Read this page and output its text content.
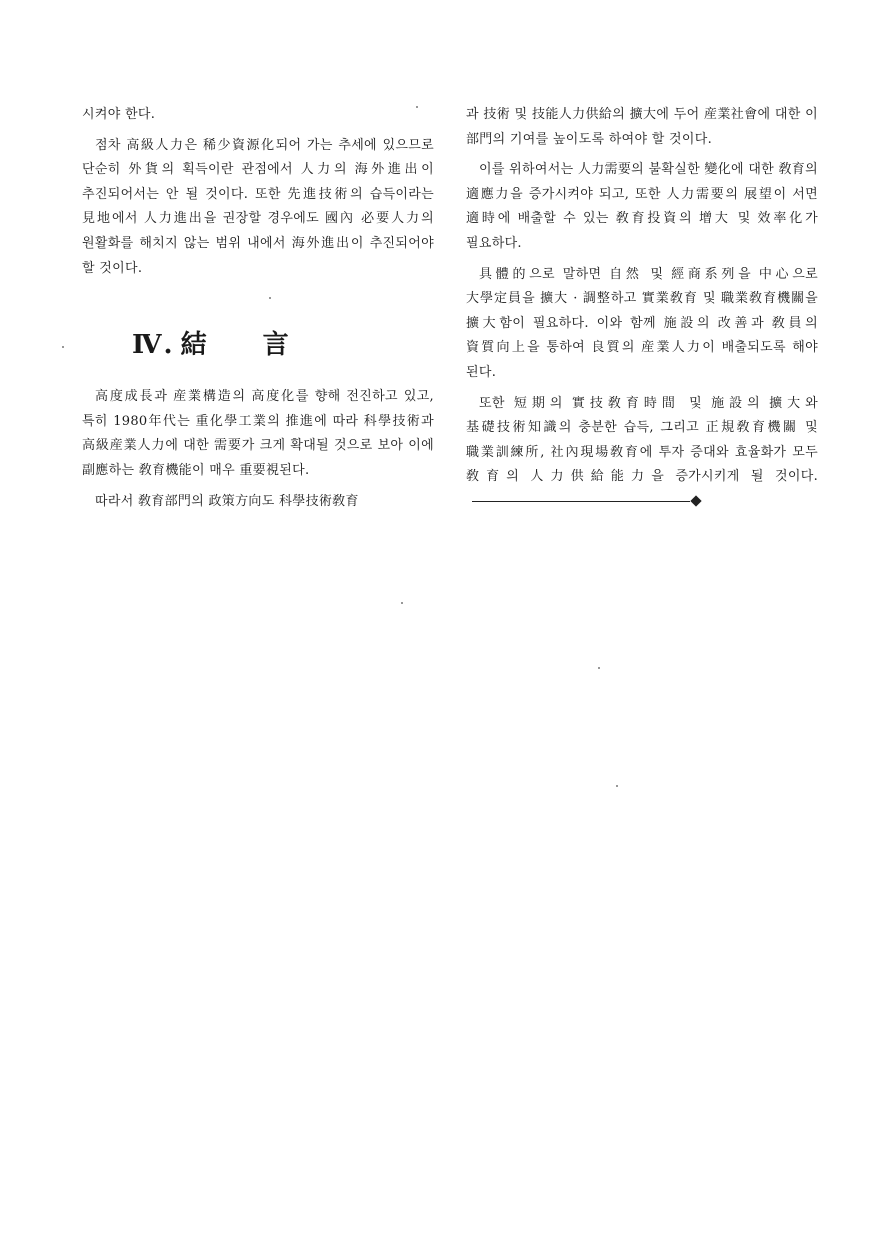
시켜야 한다.

점차 高級人力은 稀少資源化되어 가는 추세에 있으므로 단순히 外貨의 획득이란 관점에서 人力의 海外進出이 추진되어서는 안 될 것이다. 또한 先進技術의 습득이라는 見地에서 人力進出을 권장할 경우에도 國內 必要人力의 원활화를 해치지 않는 범위 내에서 海外進出이 추진되어야 할 것이다.

Ⅳ. 結 言

高度成長과 産業構造의 高度化를 향해 전진하고 있고, 특히 1980年代는 重化學工業의 推進에 따라 科學技術과 高級産業人力에 대한 需要가 크게 확대될 것으로 보아 이에 副應하는 敎育機能이 매우 重要視된다.

따라서 敎育部門의 政策方向도 科學技術敎育

과 技術 및 技能人力供給의 擴大에 두어 産業社會에 대한 이 部門의 기여를 높이도록 하여야 할 것이다.

이를 위하여서는 人力需要의 불확실한 變化에 대한 敎育의 適應力을 증가시켜야 되고, 또한 人力需要의 展望이 서면 適時에 배출할 수 있는 敎育投資의 增大 및 效率化가 필요하다.

具體的으로 말하면 自然 및 經商系列을 中心으로 大學定員을 擴大 · 調整하고 實業敎育 및 職業敎育機關을 擴大함이 필요하다. 이와 함께 施設의 改善과 敎員의 資質向上을 통하여 良質의 産業人力이 배출되도록 해야 된다.

또한 短期의 實技敎育時間 및 施設의 擴大와 基礎技術知識의 충분한 습득, 그리고 正規敎育機關 및 職業訓練所, 社內現場敎育에 투자 증대와 효율화가 모두 敎育의 人力供給能力을 증가시키게 될 것이다.
